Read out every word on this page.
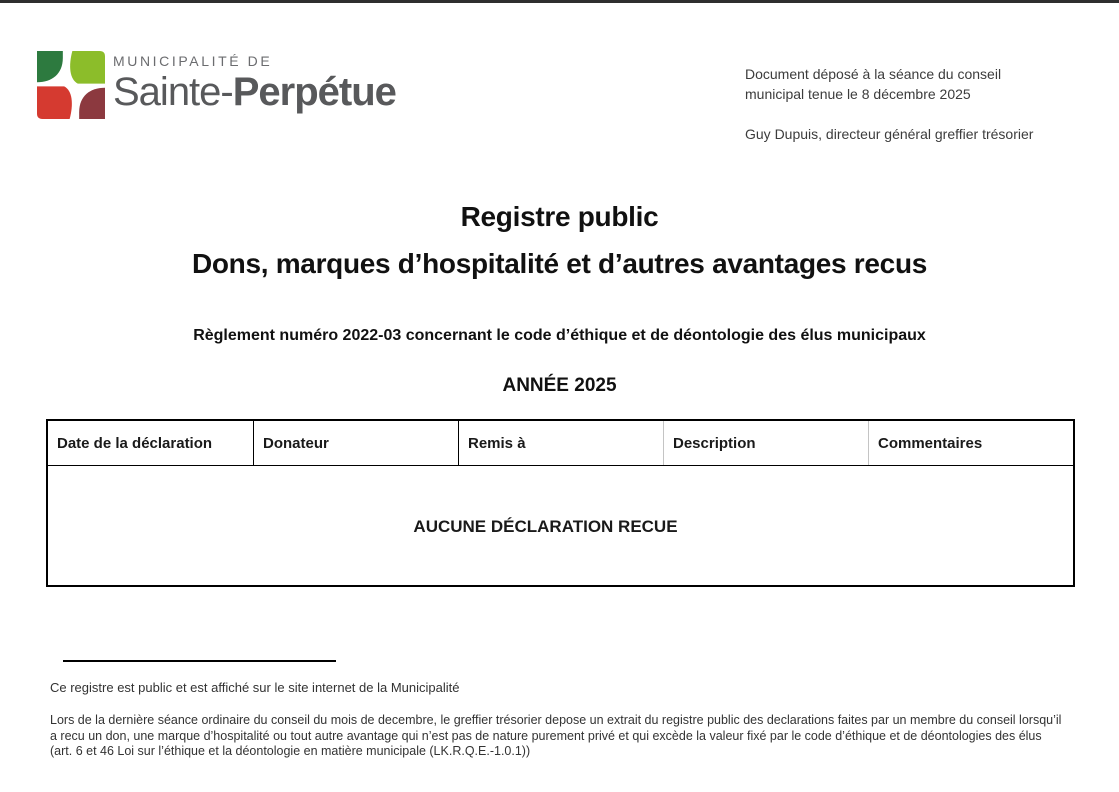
MUNICIPALITÉ DE
Sainte-Perpétue	Document déposé à la séance du conseil municipal tenue le 8 décembre 2025

Guy Dupuis, directeur général greffier trésorier

Registre public
Dons, marques d’hospitalité et d’autres avantages recus
Règlement numéro 2022-03 concernant le code d’éthique et de déontologie des élus municipaux
ANNÉE 2025
Date de la déclaration	Donateur	Remis à	Description	Commentaires
AUCUNE DÉCLARATION RECUE

Ce registre est public et est affiché sur le site internet de la Municipalité

Lors de la dernière séance ordinaire du conseil du mois de decembre, le greffier trésorier depose un extrait du registre public des declarations faites par un membre du conseil lorsqu’il a recu un don, une marque d’hospitalité ou tout autre avantage qui n’est pas de nature purement privé et qui excède la valeur fixé par le code d’éthique et de déontologies des élus (art. 6 et 46 Loi sur l’éthique et la déontologie en matière municipale (LK.R.Q.E.-1.0.1))
